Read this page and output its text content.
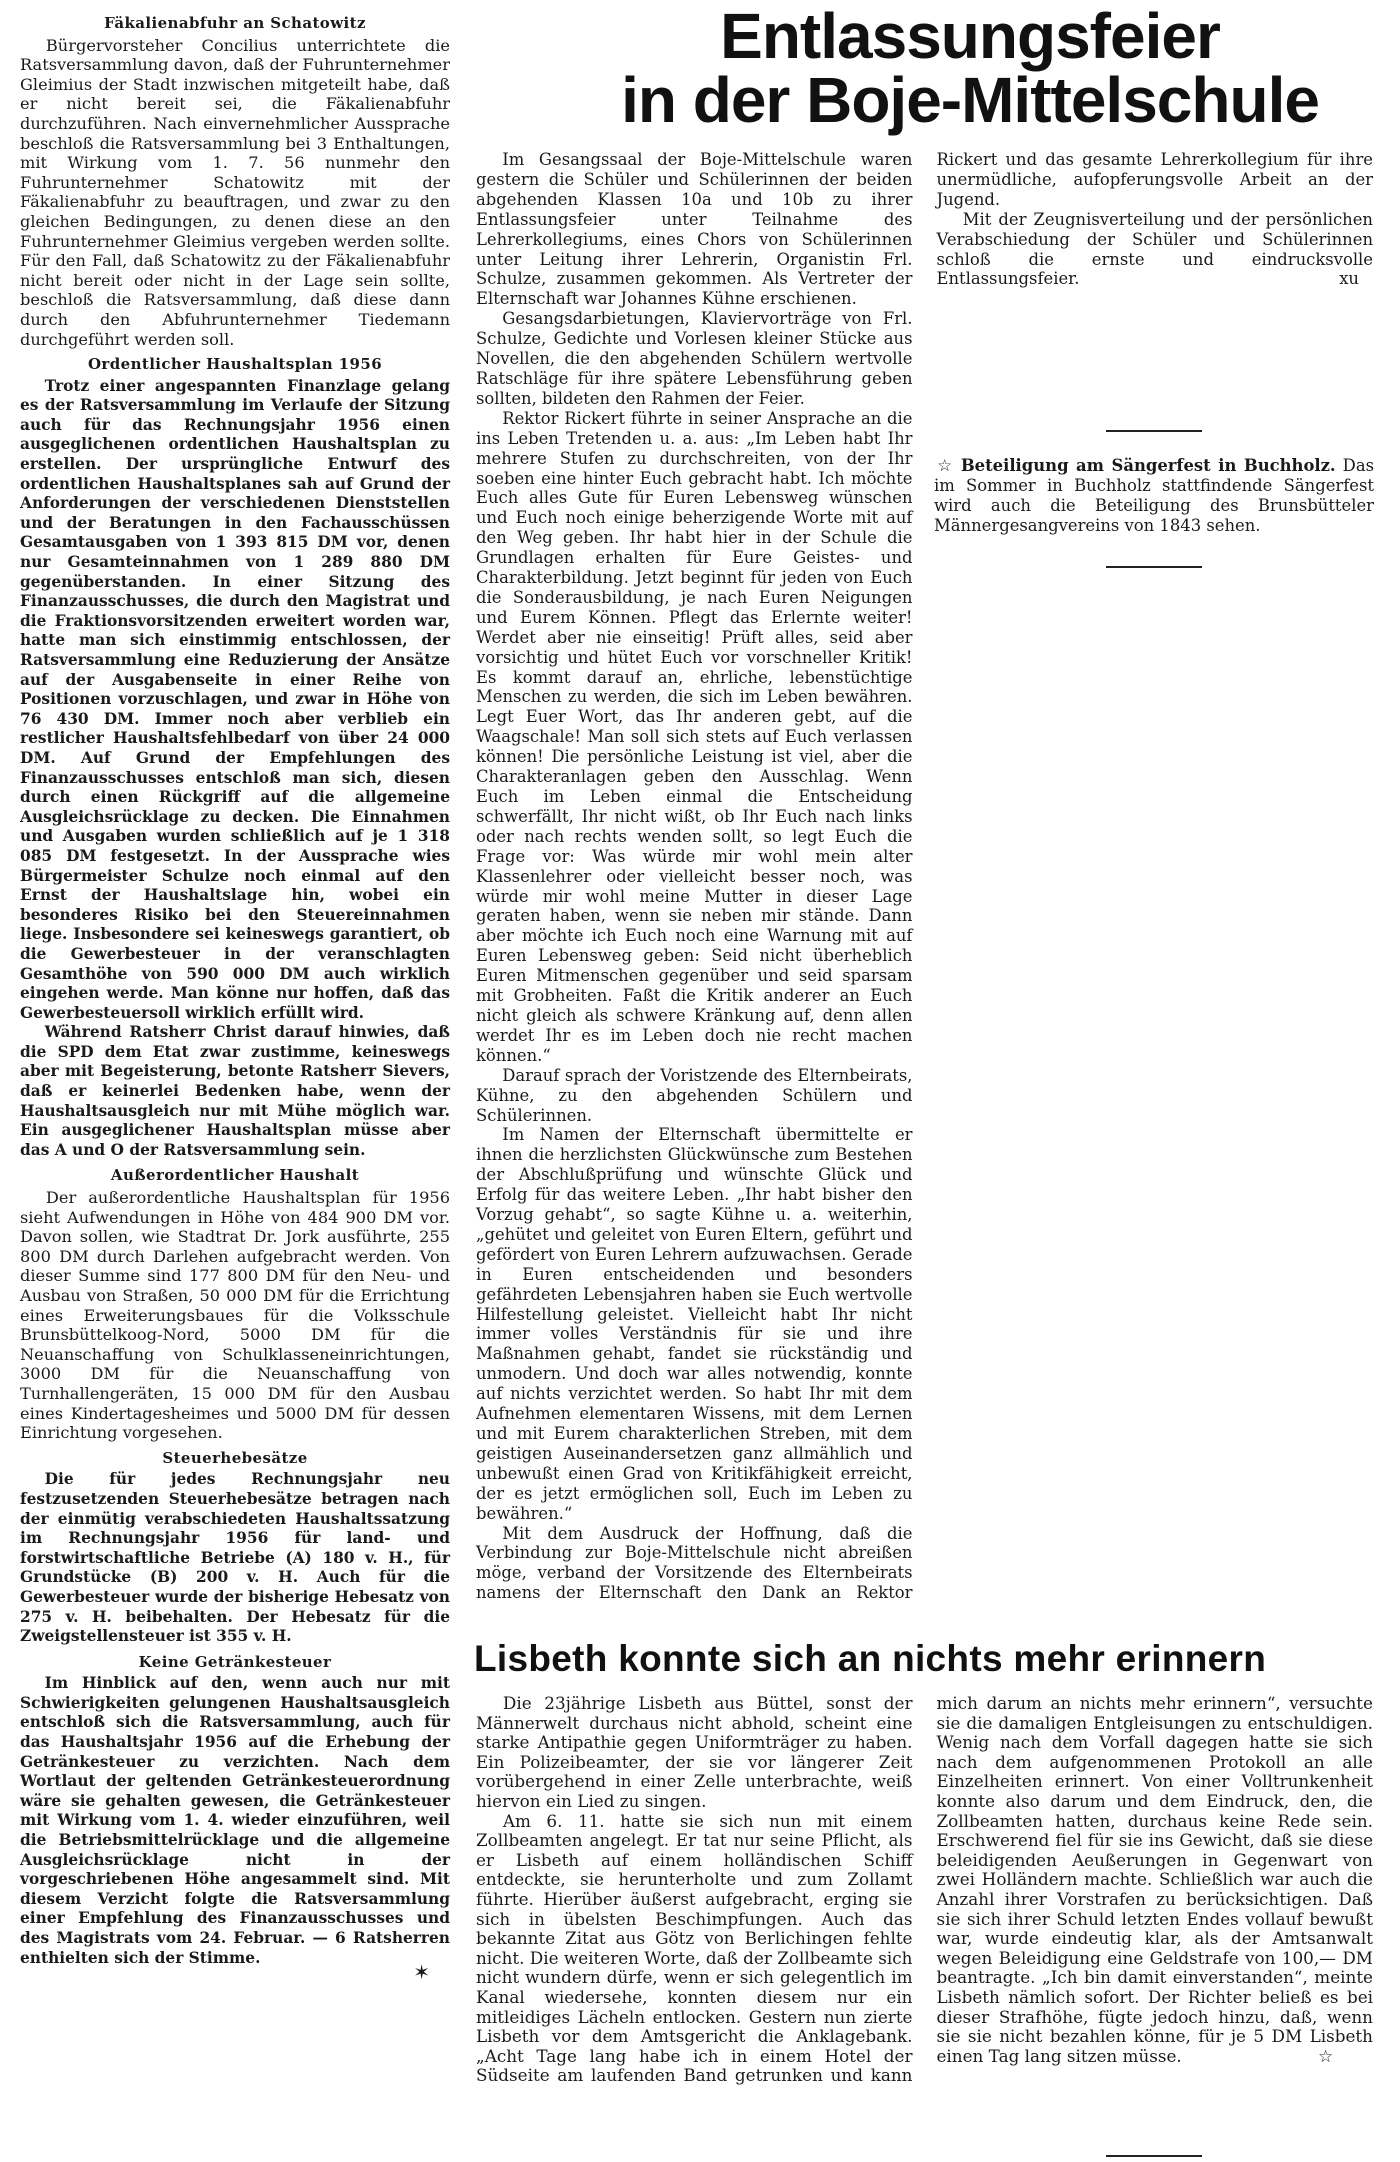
Fäkalienabfuhr an Schatowitz

Bürgervorsteher Concilius unterrichtete die Ratsversammlung davon, daß der Fuhrunternehmer Gleimius der Stadt inzwischen mitgeteilt habe, daß er nicht bereit sei, die Fäkalienabfuhr durchzuführen. Nach einvernehmlicher Aussprache beschloß die Ratsversammlung bei 3 Enthaltungen, mit Wirkung vom 1. 7. 56 nunmehr den Fuhrunternehmer Schatowitz mit der Fäkalienabfuhr zu beauftragen, und zwar zu den gleichen Bedingungen, zu denen diese an den Fuhrunternehmer Gleimius vergeben werden sollte. Für den Fall, daß Schatowitz zu der Fäkalienabfuhr nicht bereit oder nicht in der Lage sein sollte, beschloß die Ratsversammlung, daß diese dann durch den Abfuhrunternehmer Tiedemann durchgeführt werden soll.

Ordentlicher Haushaltsplan 1956

Trotz einer angespannten Finanzlage gelang es der Ratsversammlung im Verlaufe der Sitzung auch für das Rechnungsjahr 1956 einen ausgeglichenen ordentlichen Haushaltsplan zu erstellen. Der ursprüngliche Entwurf des ordentlichen Haushaltsplanes sah auf Grund der Anforderungen der verschiedenen Dienststellen und der Beratungen in den Fachausschüssen Gesamtausgaben von 1 393 815 DM vor, denen nur Gesamteinnahmen von 1 289 880 DM gegenüberstanden. In einer Sitzung des Finanzausschusses, die durch den Magistrat und die Fraktionsvorsitzenden erweitert worden war, hatte man sich einstimmig entschlossen, der Ratsversammlung eine Reduzierung der Ansätze auf der Ausgabenseite in einer Reihe von Positionen vorzuschlagen, und zwar in Höhe von 76 430 DM. Immer noch aber verblieb ein restlicher Haushaltsfehlbedarf von über 24 000 DM. Auf Grund der Empfehlungen des Finanzausschusses entschloß man sich, diesen durch einen Rückgriff auf die allgemeine Ausgleichsrücklage zu decken. Die Einnahmen und Ausgaben wurden schließlich auf je 1 318 085 DM festgesetzt. In der Aussprache wies Bürgermeister Schulze noch einmal auf den Ernst der Haushaltslage hin, wobei ein besonderes Risiko bei den Steuereinnahmen liege. Insbesondere sei keineswegs garantiert, ob die Gewerbesteuer in der veranschlagten Gesamthöhe von 590 000 DM auch wirklich eingehen werde. Man könne nur hoffen, daß das Gewerbesteuersoll wirklich erfüllt wird.

Während Ratsherr Christ darauf hinwies, daß die SPD dem Etat zwar zustimme, keineswegs aber mit Begeisterung, betonte Ratsherr Sievers, daß er keinerlei Bedenken habe, wenn der Haushaltsausgleich nur mit Mühe möglich war. Ein ausgeglichener Haushaltsplan müsse aber das A und O der Ratsversammlung sein.

Außerordentlicher Haushalt

Der außerordentliche Haushaltsplan für 1956 sieht Aufwendungen in Höhe von 484 900 DM vor. Davon sollen, wie Stadtrat Dr. Jork ausführte, 255 800 DM durch Darlehen aufgebracht werden. Von dieser Summe sind 177 800 DM für den Neu- und Ausbau von Straßen, 50 000 DM für die Errichtung eines Erweiterungsbaues für die Volksschule Brunsbüttelkoog-Nord, 5000 DM für die Neuanschaffung von Schulklasseneinrichtungen, 3000 DM für die Neuanschaffung von Turnhallengeräten, 15 000 DM für den Ausbau eines Kindertagesheimes und 5000 DM für dessen Einrichtung vorgesehen.

Steuerhebesätze

Die für jedes Rechnungsjahr neu festzusetzenden Steuerhebesätze betragen nach der einmütig verabschiedeten Haushaltssatzung im Rechnungsjahr 1956 für land- und forstwirtschaftliche Betriebe (A) 180 v. H., für Grundstücke (B) 200 v. H. Auch für die Gewerbesteuer wurde der bisherige Hebesatz von 275 v. H. beibehalten. Der Hebesatz für die Zweigstellensteuer ist 355 v. H.

Keine Getränkesteuer

Im Hinblick auf den, wenn auch nur mit Schwierigkeiten gelungenen Haushaltsausgleich entschloß sich die Ratsversammlung, auch für das Haushaltsjahr 1956 auf die Erhebung der Getränkesteuer zu verzichten. Nach dem Wortlaut der geltenden Getränkesteuerordnung wäre sie gehalten gewesen, die Getränkesteuer mit Wirkung vom 1. 4. wieder einzuführen, weil die Betriebsmittelrücklage und die allgemeine Ausgleichsrücklage nicht in der vorgeschriebenen Höhe angesammelt sind. Mit diesem Verzicht folgte die Ratsversammlung einer Empfehlung des Finanzausschusses und des Magistrats vom 24. Februar. — 6 Ratsherren enthielten sich der Stimme.

✶
Entlassungsfeier
in der Boje-Mittelschule

Im Gesangssaal der Boje-Mittelschule waren gestern die Schüler und Schülerinnen der beiden abgehenden Klassen 10a und 10b zu ihrer Entlassungsfeier unter Teilnahme des Lehrerkollegiums, eines Chors von Schülerinnen unter Leitung ihrer Lehrerin, Organistin Frl. Schulze, zusammen gekommen. Als Vertreter der Elternschaft war Johannes Kühne erschienen.

Gesangsdarbietungen, Klaviervorträge von Frl. Schulze, Gedichte und Vorlesen kleiner Stücke aus Novellen, die den abgehenden Schülern wertvolle Ratschläge für ihre spätere Lebensführung geben sollten, bildeten den Rahmen der Feier.

Rektor Rickert führte in seiner Ansprache an die ins Leben Tretenden u. a. aus: „Im Leben habt Ihr mehrere Stufen zu durchschreiten, von der Ihr soeben eine hinter Euch gebracht habt. Ich möchte Euch alles Gute für Euren Lebensweg wünschen und Euch noch einige beherzigende Worte mit auf den Weg geben. Ihr habt hier in der Schule die Grundlagen erhalten für Eure Geistes- und Charakterbildung. Jetzt beginnt für jeden von Euch die Sonderausbildung, je nach Euren Neigungen und Eurem Können. Pflegt das Erlernte weiter! Werdet aber nie einseitig! Prüft alles, seid aber vorsichtig und hütet Euch vor vorschneller Kritik! Es kommt darauf an, ehrliche, lebenstüchtige Menschen zu werden, die sich im Leben bewähren. Legt Euer Wort, das Ihr anderen gebt, auf die Waagschale! Man soll sich stets auf Euch verlassen können! Die persönliche Leistung ist viel, aber die Charakteranlagen geben den Ausschlag. Wenn Euch im Leben einmal die Entscheidung schwerfällt, Ihr nicht wißt, ob Ihr Euch nach links oder nach rechts wenden sollt, so legt Euch die Frage vor: Was würde mir wohl mein alter Klassenlehrer oder vielleicht besser noch, was würde mir wohl meine Mutter in dieser Lage geraten haben, wenn sie neben mir stände. Dann aber möchte ich Euch noch eine Warnung mit auf Euren Lebensweg geben: Seid nicht überheblich Euren Mitmenschen gegenüber und seid sparsam mit Grobheiten. Faßt die Kritik anderer an Euch nicht gleich als schwere Kränkung auf, denn allen werdet Ihr es im Leben doch nie recht machen können.“

Darauf sprach der Voristzende des Elternbeirats, Kühne, zu den abgehenden Schülern und Schülerinnen.

Im Namen der Elternschaft übermittelte er ihnen die herzlichsten Glückwünsche zum Bestehen der Abschlußprüfung und wünschte Glück und Erfolg für das weitere Leben. „Ihr habt bisher den Vorzug gehabt“, so sagte Kühne u. a. weiterhin, „gehütet und geleitet von Euren Eltern, geführt und gefördert von Euren Lehrern aufzuwachsen. Gerade in Euren entscheidenden und besonders gefährdeten Lebensjahren haben sie Euch wertvolle Hilfestellung geleistet. Vielleicht habt Ihr nicht immer volles Verständnis für sie und ihre Maßnahmen gehabt, fandet sie rückständig und unmodern. Und doch war alles notwendig, konnte auf nichts verzichtet werden. So habt Ihr mit dem Aufnehmen elementaren Wissens, mit dem Lernen und mit Eurem charakterlichen Streben, mit dem geistigen Auseinandersetzen ganz allmählich und unbewußt einen Grad von Kritikfähigkeit erreicht, der es jetzt ermöglichen soll, Euch im Leben zu bewähren.“

Mit dem Ausdruck der Hoffnung, daß die Verbindung zur Boje-Mittelschule nicht abreißen möge, verband der Vorsitzende des Elternbeirats namens der Elternschaft den Dank an Rektor Rickert und das gesamte Lehrerkollegium für ihre unermüdliche, aufopferungsvolle Arbeit an der Jugend.

Mit der Zeugnisverteilung und der persönlichen Verabschiedung der Schüler und Schülerinnen schloß die ernste und eindrucksvolle Entlassungsfeier.	xu

☆ Beteiligung am Sängerfest in Buchholz. Das im Sommer in Buchholz stattfindende Sängerfest wird auch die Beteiligung des Brunsbütteler Männergesangvereins von 1843 sehen.

Lisbeth konnte sich an nichts mehr erinnern

Die 23jährige Lisbeth aus Büttel, sonst der Männerwelt durchaus nicht abhold, scheint eine starke Antipathie gegen Uniformträger zu haben. Ein Polizeibeamter, der sie vor längerer Zeit vorübergehend in einer Zelle unterbrachte, weiß hiervon ein Lied zu singen.

Am 6. 11. hatte sie sich nun mit einem Zollbeamten angelegt. Er tat nur seine Pflicht, als er Lisbeth auf einem holländischen Schiff entdeckte, sie herunterholte und zum Zollamt führte. Hierüber äußerst aufgebracht, erging sie sich in übelsten Beschimpfungen. Auch das bekannte Zitat aus Götz von Berlichingen fehlte nicht. Die weiteren Worte, daß der Zollbeamte sich nicht wundern dürfe, wenn er sich gelegentlich im Kanal wiedersehe, konnten diesem nur ein mitleidiges Lächeln entlocken. Gestern nun zierte Lisbeth vor dem Amtsgericht die Anklagebank. „Acht Tage lang habe ich in einem Hotel der Südseite am laufenden Band getrunken und kann mich darum an nichts mehr erinnern“, versuchte sie die damaligen Entgleisungen zu entschuldigen. Wenig nach dem Vorfall dagegen hatte sie sich nach dem aufgenommenen Protokoll an alle Einzelheiten erinnert. Von einer Volltrunkenheit konnte also darum und dem Eindruck, den, die Zollbeamten hatten, durchaus keine Rede sein. Erschwerend fiel für sie ins Gewicht, daß sie diese beleidigenden Aeußerungen in Gegenwart von zwei Holländern machte. Schließlich war auch die Anzahl ihrer Vorstrafen zu berücksichtigen. Daß sie sich ihrer Schuld letzten Endes vollauf bewußt war, wurde eindeutig klar, als der Amtsanwalt wegen Beleidigung eine Geldstrafe von 100,— DM beantragte. „Ich bin damit einverstanden“, meinte Lisbeth nämlich sofort. Der Richter beließ es bei dieser Strafhöhe, fügte jedoch hinzu, daß, wenn sie sie nicht bezahlen könne, für je 5 DM Lisbeth einen Tag lang sitzen müsse.	☆
